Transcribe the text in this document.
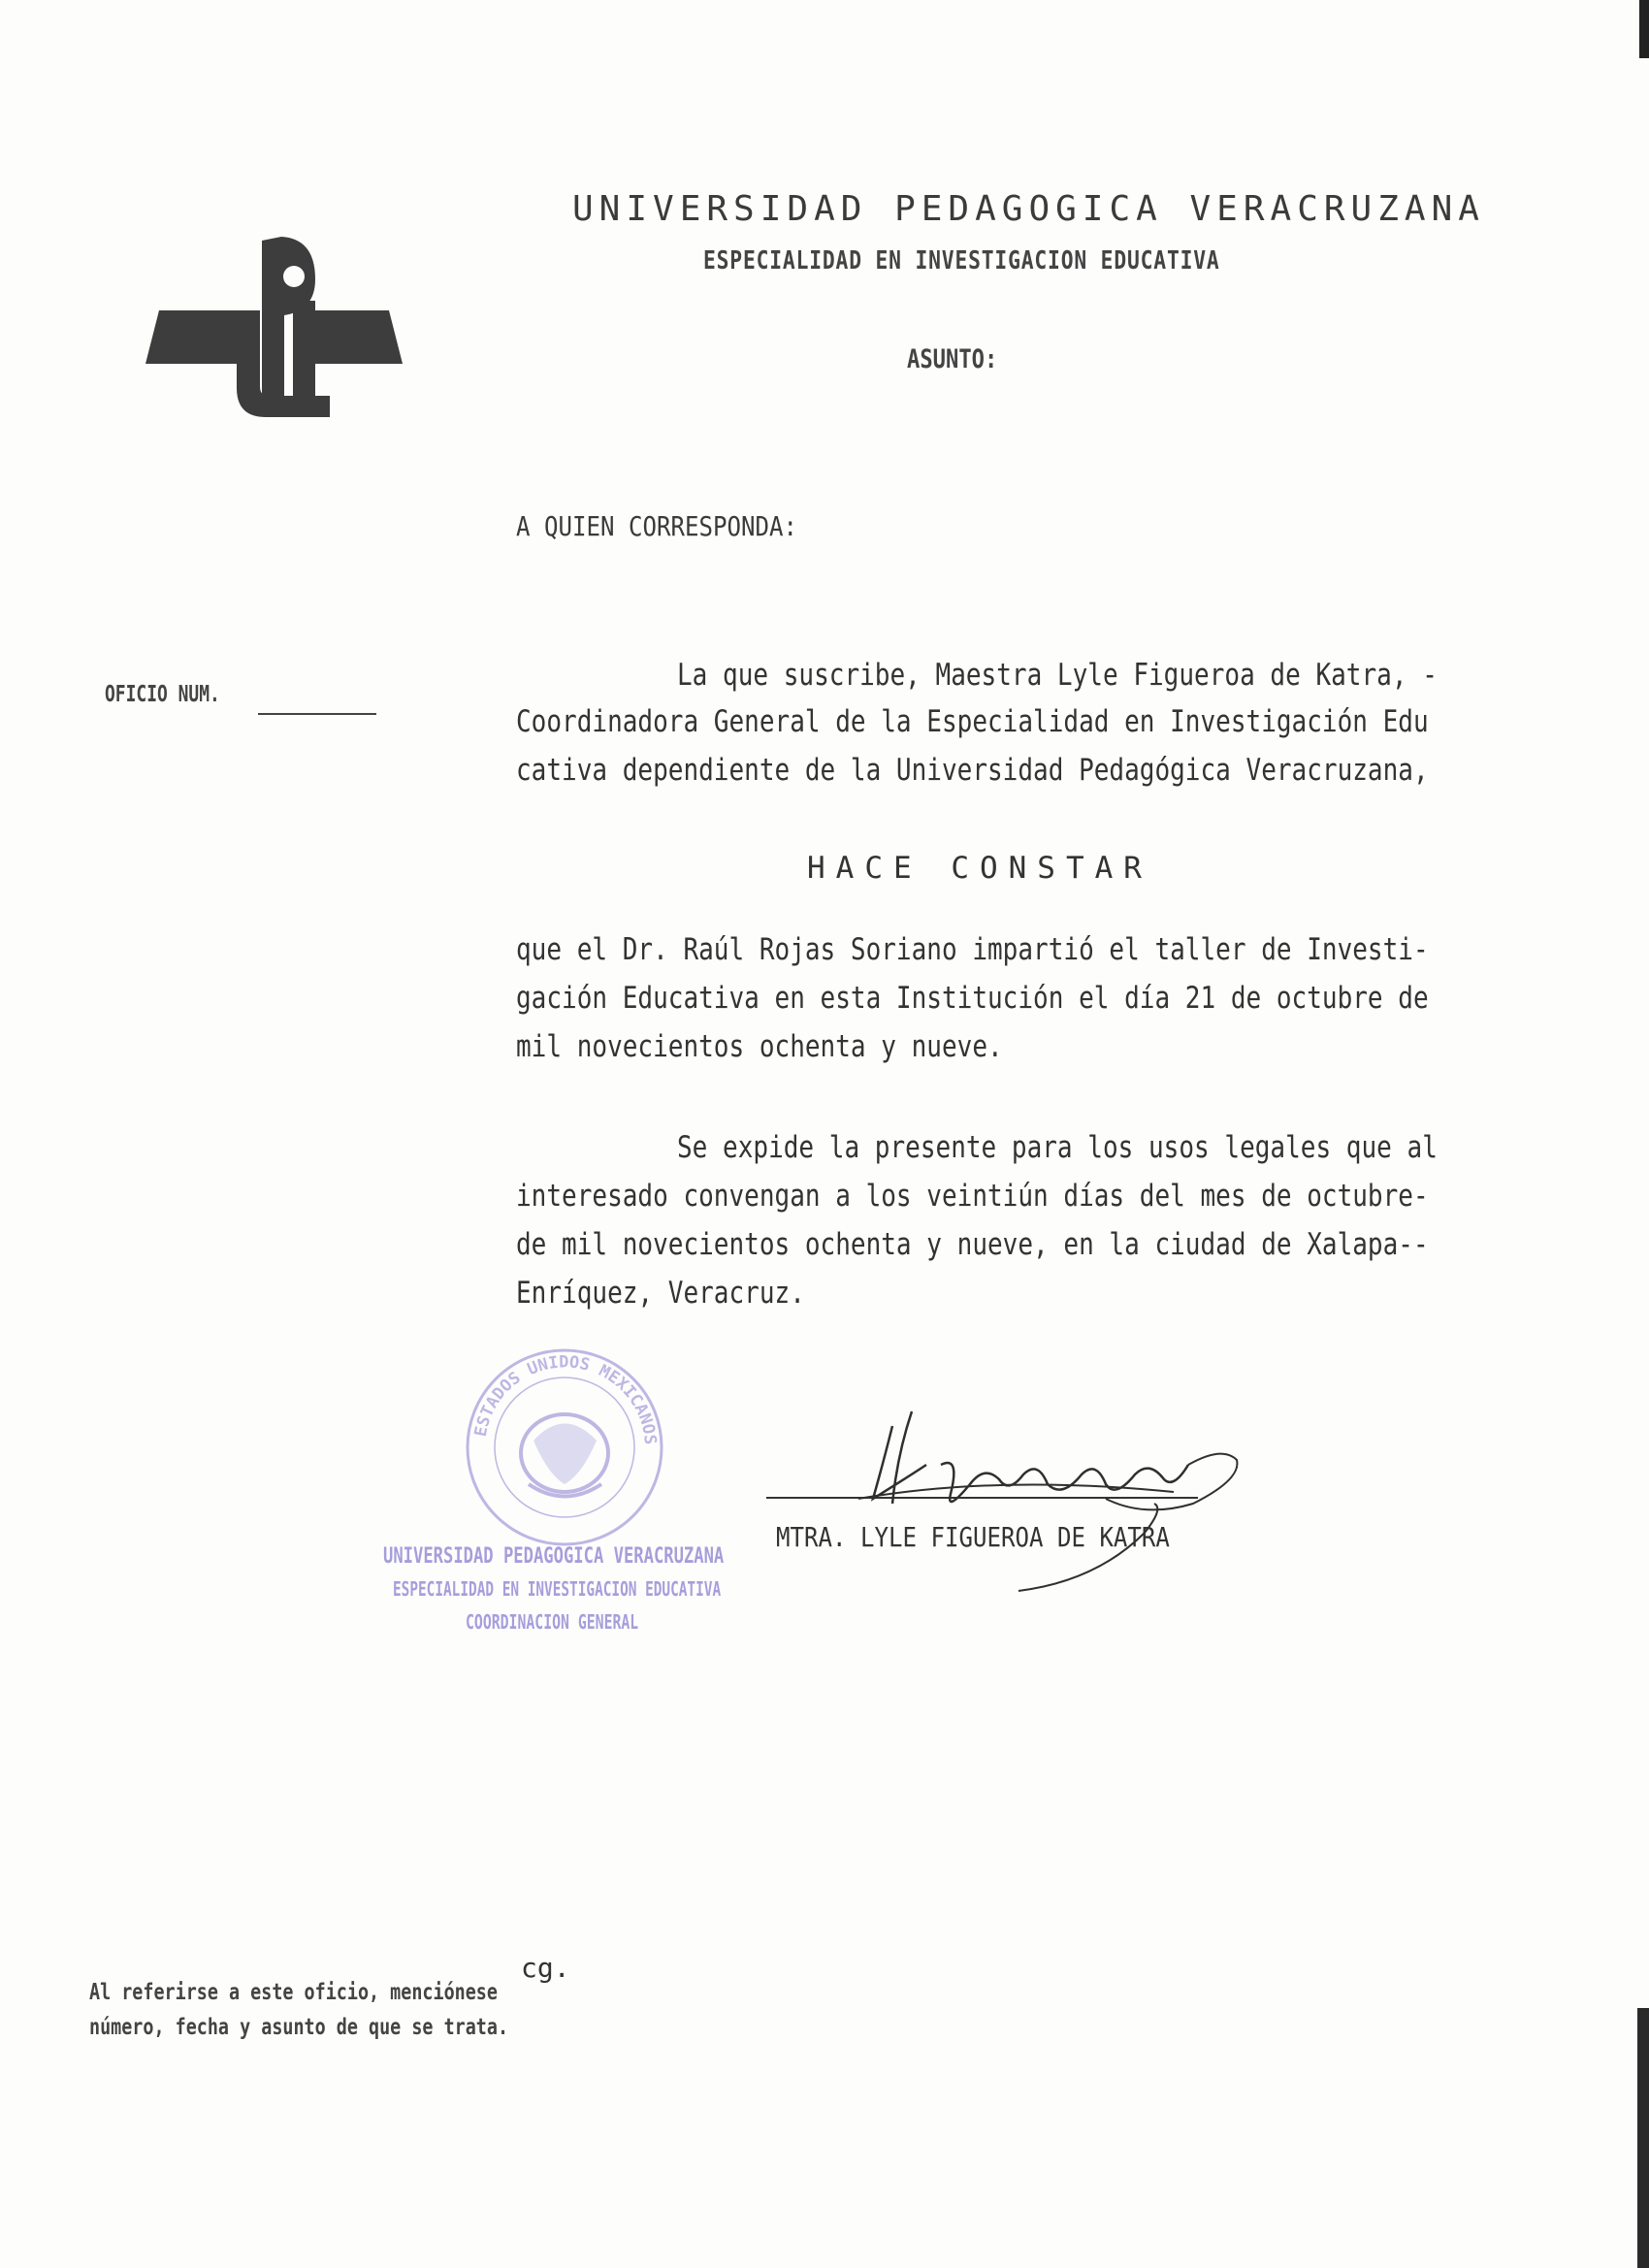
UNIVERSIDAD PEDAGOGICA VERACRUZANA
ESPECIALIDAD EN INVESTIGACION EDUCATIVA
ASUNTO:
A QUIEN CORRESPONDA:
OFICIO NUM.
La que suscribe, Maestra Lyle Figueroa de Katra, -
Coordinadora General de la Especialidad en Investigación Edu
cativa dependiente de la Universidad Pedagógica Veracruzana,
HACE CONSTAR
que el Dr. Raúl Rojas Soriano impartió el taller de Investi-
gación Educativa en esta Institución el día 21 de octubre de
mil novecientos ochenta y nueve.
Se expide la presente para los usos legales que al
interesado convengan a los veintiún días del mes de octubre-
de mil novecientos ochenta y nueve, en la ciudad de Xalapa--
Enríquez, Veracruz.
ESTADOS UNIDOS MEXICANOS
UNIVERSIDAD PEDAGOGICA VERACRUZANA
ESPECIALIDAD EN INVESTIGACION EDUCATIVA
COORDINACION GENERAL
MTRA. LYLE FIGUEROA DE KATRA
cg.
Al referirse a este oficio, menciónese
número, fecha y asunto de que se trata.
